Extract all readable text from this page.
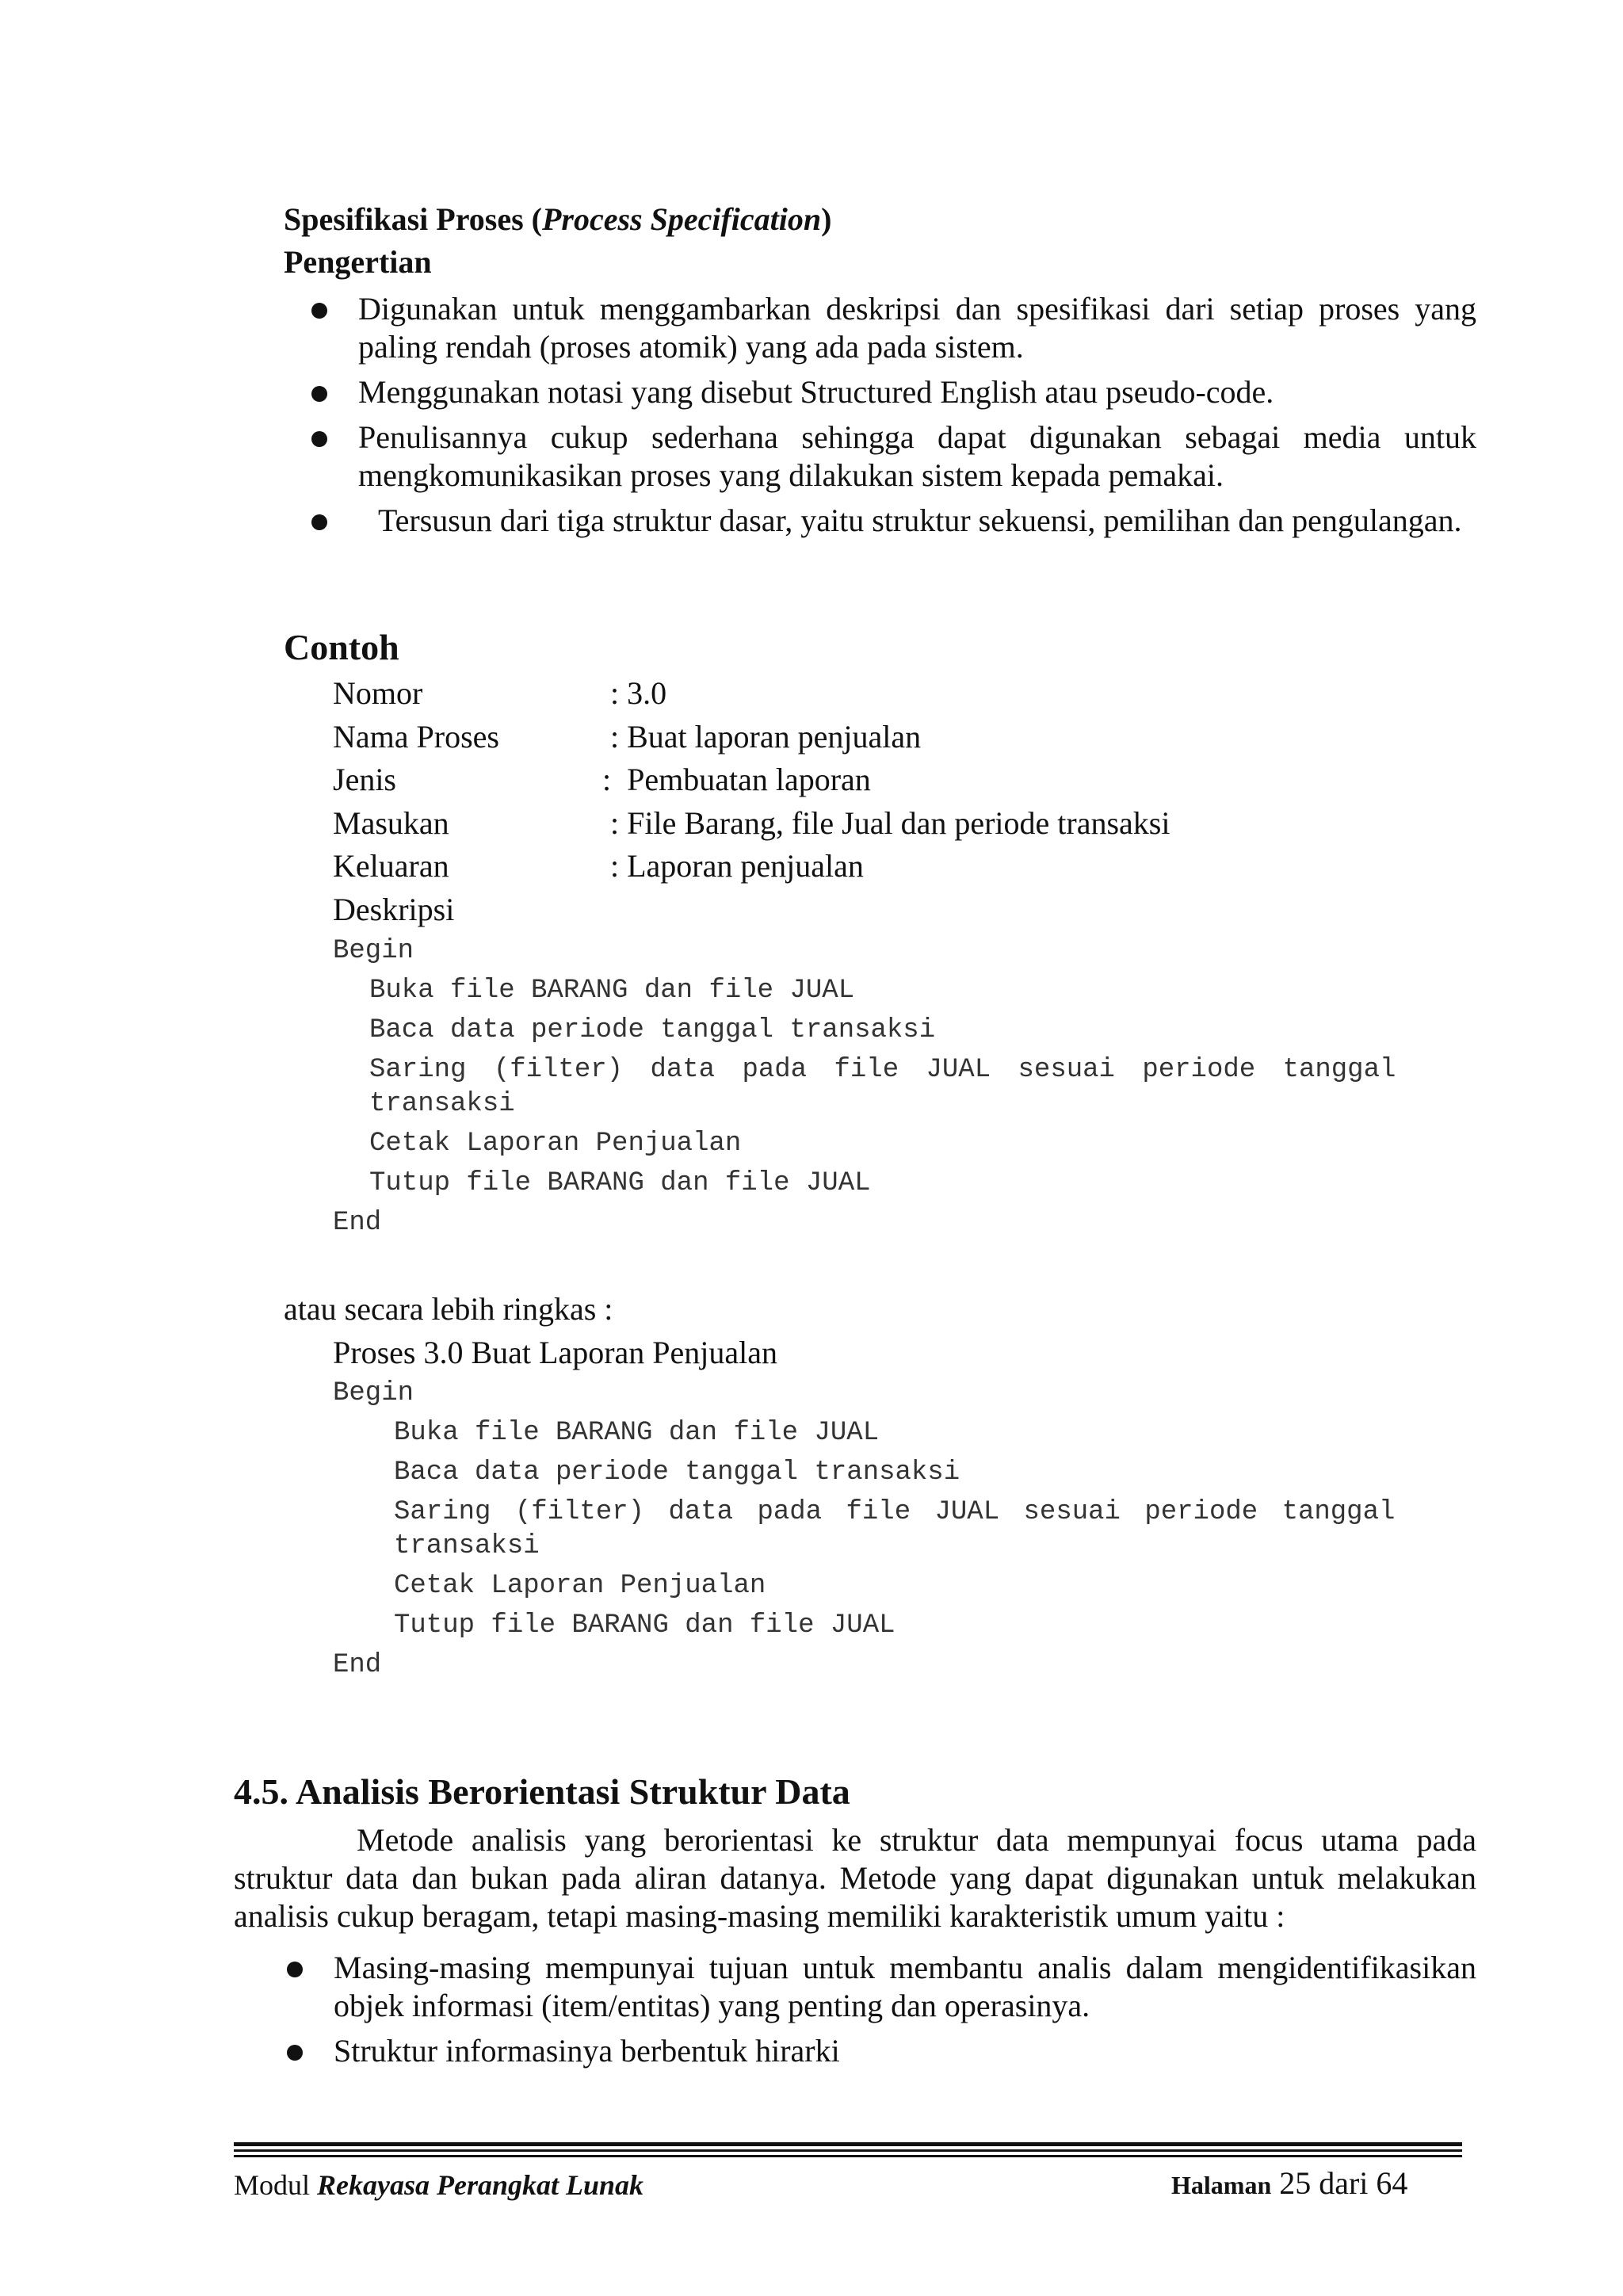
Spesifikasi Proses (Process Specification)
Pengertian
Digunakan untuk menggambarkan deskripsi dan spesifikasi dari setiap proses yang paling rendah (proses atomik) yang ada pada sistem.
Menggunakan notasi yang disebut Structured English atau pseudo-code.
Penulisannya cukup sederhana sehingga dapat digunakan sebagai media untuk mengkomunikasikan proses yang dilakukan sistem kepada pemakai.
Tersusun dari tiga struktur dasar, yaitu struktur sekuensi, pemilihan dan pengulangan.
Contoh
Nomor	: 3.0
Nama Proses	: Buat laporan penjualan
Jenis	:  Pembuatan laporan
Masukan	: File Barang, file Jual dan periode transaksi
Keluaran	: Laporan penjualan
Deskripsi
Begin
Buka file BARANG dan file JUAL
Baca data periode tanggal transaksi
Saring (filter) data pada file JUAL sesuai periode tanggal
transaksi
Cetak Laporan Penjualan
Tutup file BARANG dan file JUAL
End
atau secara lebih ringkas :
Proses 3.0 Buat Laporan Penjualan
Begin
Buka file BARANG dan file JUAL
Baca data periode tanggal transaksi
Saring (filter) data pada file JUAL sesuai periode tanggal
transaksi
Cetak Laporan Penjualan
Tutup file BARANG dan file JUAL
End
4.5. Analisis Berorientasi Struktur Data
Metode analisis yang berorientasi ke struktur data mempunyai focus utama pada struktur data dan bukan pada aliran datanya. Metode yang dapat digunakan untuk melakukan analisis cukup beragam, tetapi masing-masing memiliki karakteristik umum yaitu :
Masing-masing mempunyai tujuan untuk membantu analis dalam mengidentifikasikan objek informasi (item/entitas) yang penting dan operasinya.
Struktur informasinya berbentuk hirarki
Modul Rekayasa Perangkat Lunak	Halaman 25 dari 64
